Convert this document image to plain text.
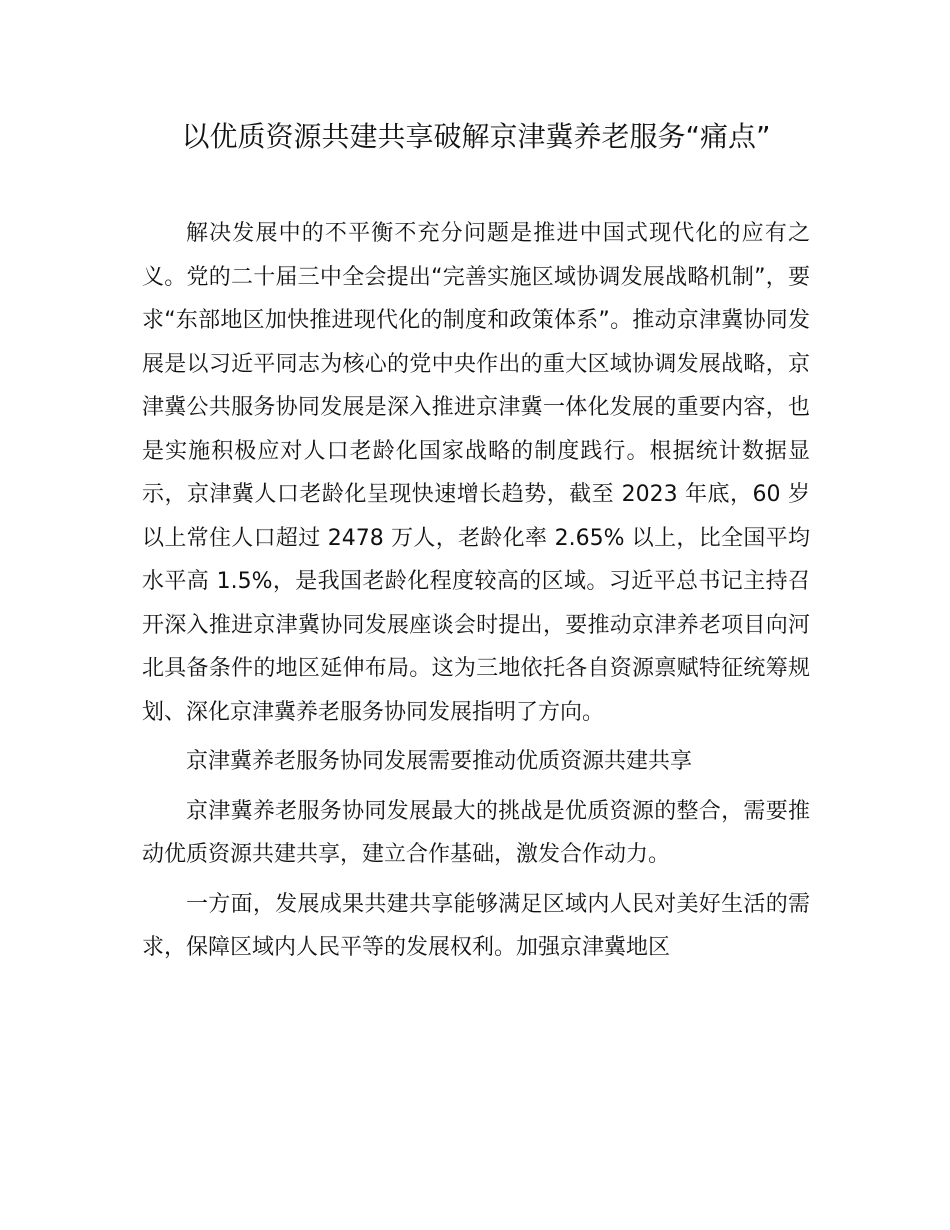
以优质资源共建共享破解京津冀养老服务“痛点”

解决发展中的不平衡不充分问题是推进中国式现代化的应有之义。党的二十届三中全会提出“完善实施区域协调发展战略机制”，要求“东部地区加快推进现代化的制度和政策体系”。推动京津冀协同发展是以习近平同志为核心的党中央作出的重大区域协调发展战略，京津冀公共服务协同发展是深入推进京津冀一体化发展的重要内容，也是实施积极应对人口老龄化国家战略的制度践行。根据统计数据显示，京津冀人口老龄化呈现快速增长趋势，截至 2023 年底，60 岁以上常住人口超过 2478 万人，老龄化率 2.65% 以上，比全国平均水平高 1.5%，是我国老龄化程度较高的区域。习近平总书记主持召开深入推进京津冀协同发展座谈会时提出，要推动京津养老项目向河北具备条件的地区延伸布局。这为三地依托各自资源禀赋特征统筹规划、深化京津冀养老服务协同发展指明了方向。

京津冀养老服务协同发展需要推动优质资源共建共享

京津冀养老服务协同发展最大的挑战是优质资源的整合，需要推动优质资源共建共享，建立合作基础，激发合作动力。

一方面，发展成果共建共享能够满足区域内人民对美好生活的需求，保障区域内人民平等的发展权利。加强京津冀地区
